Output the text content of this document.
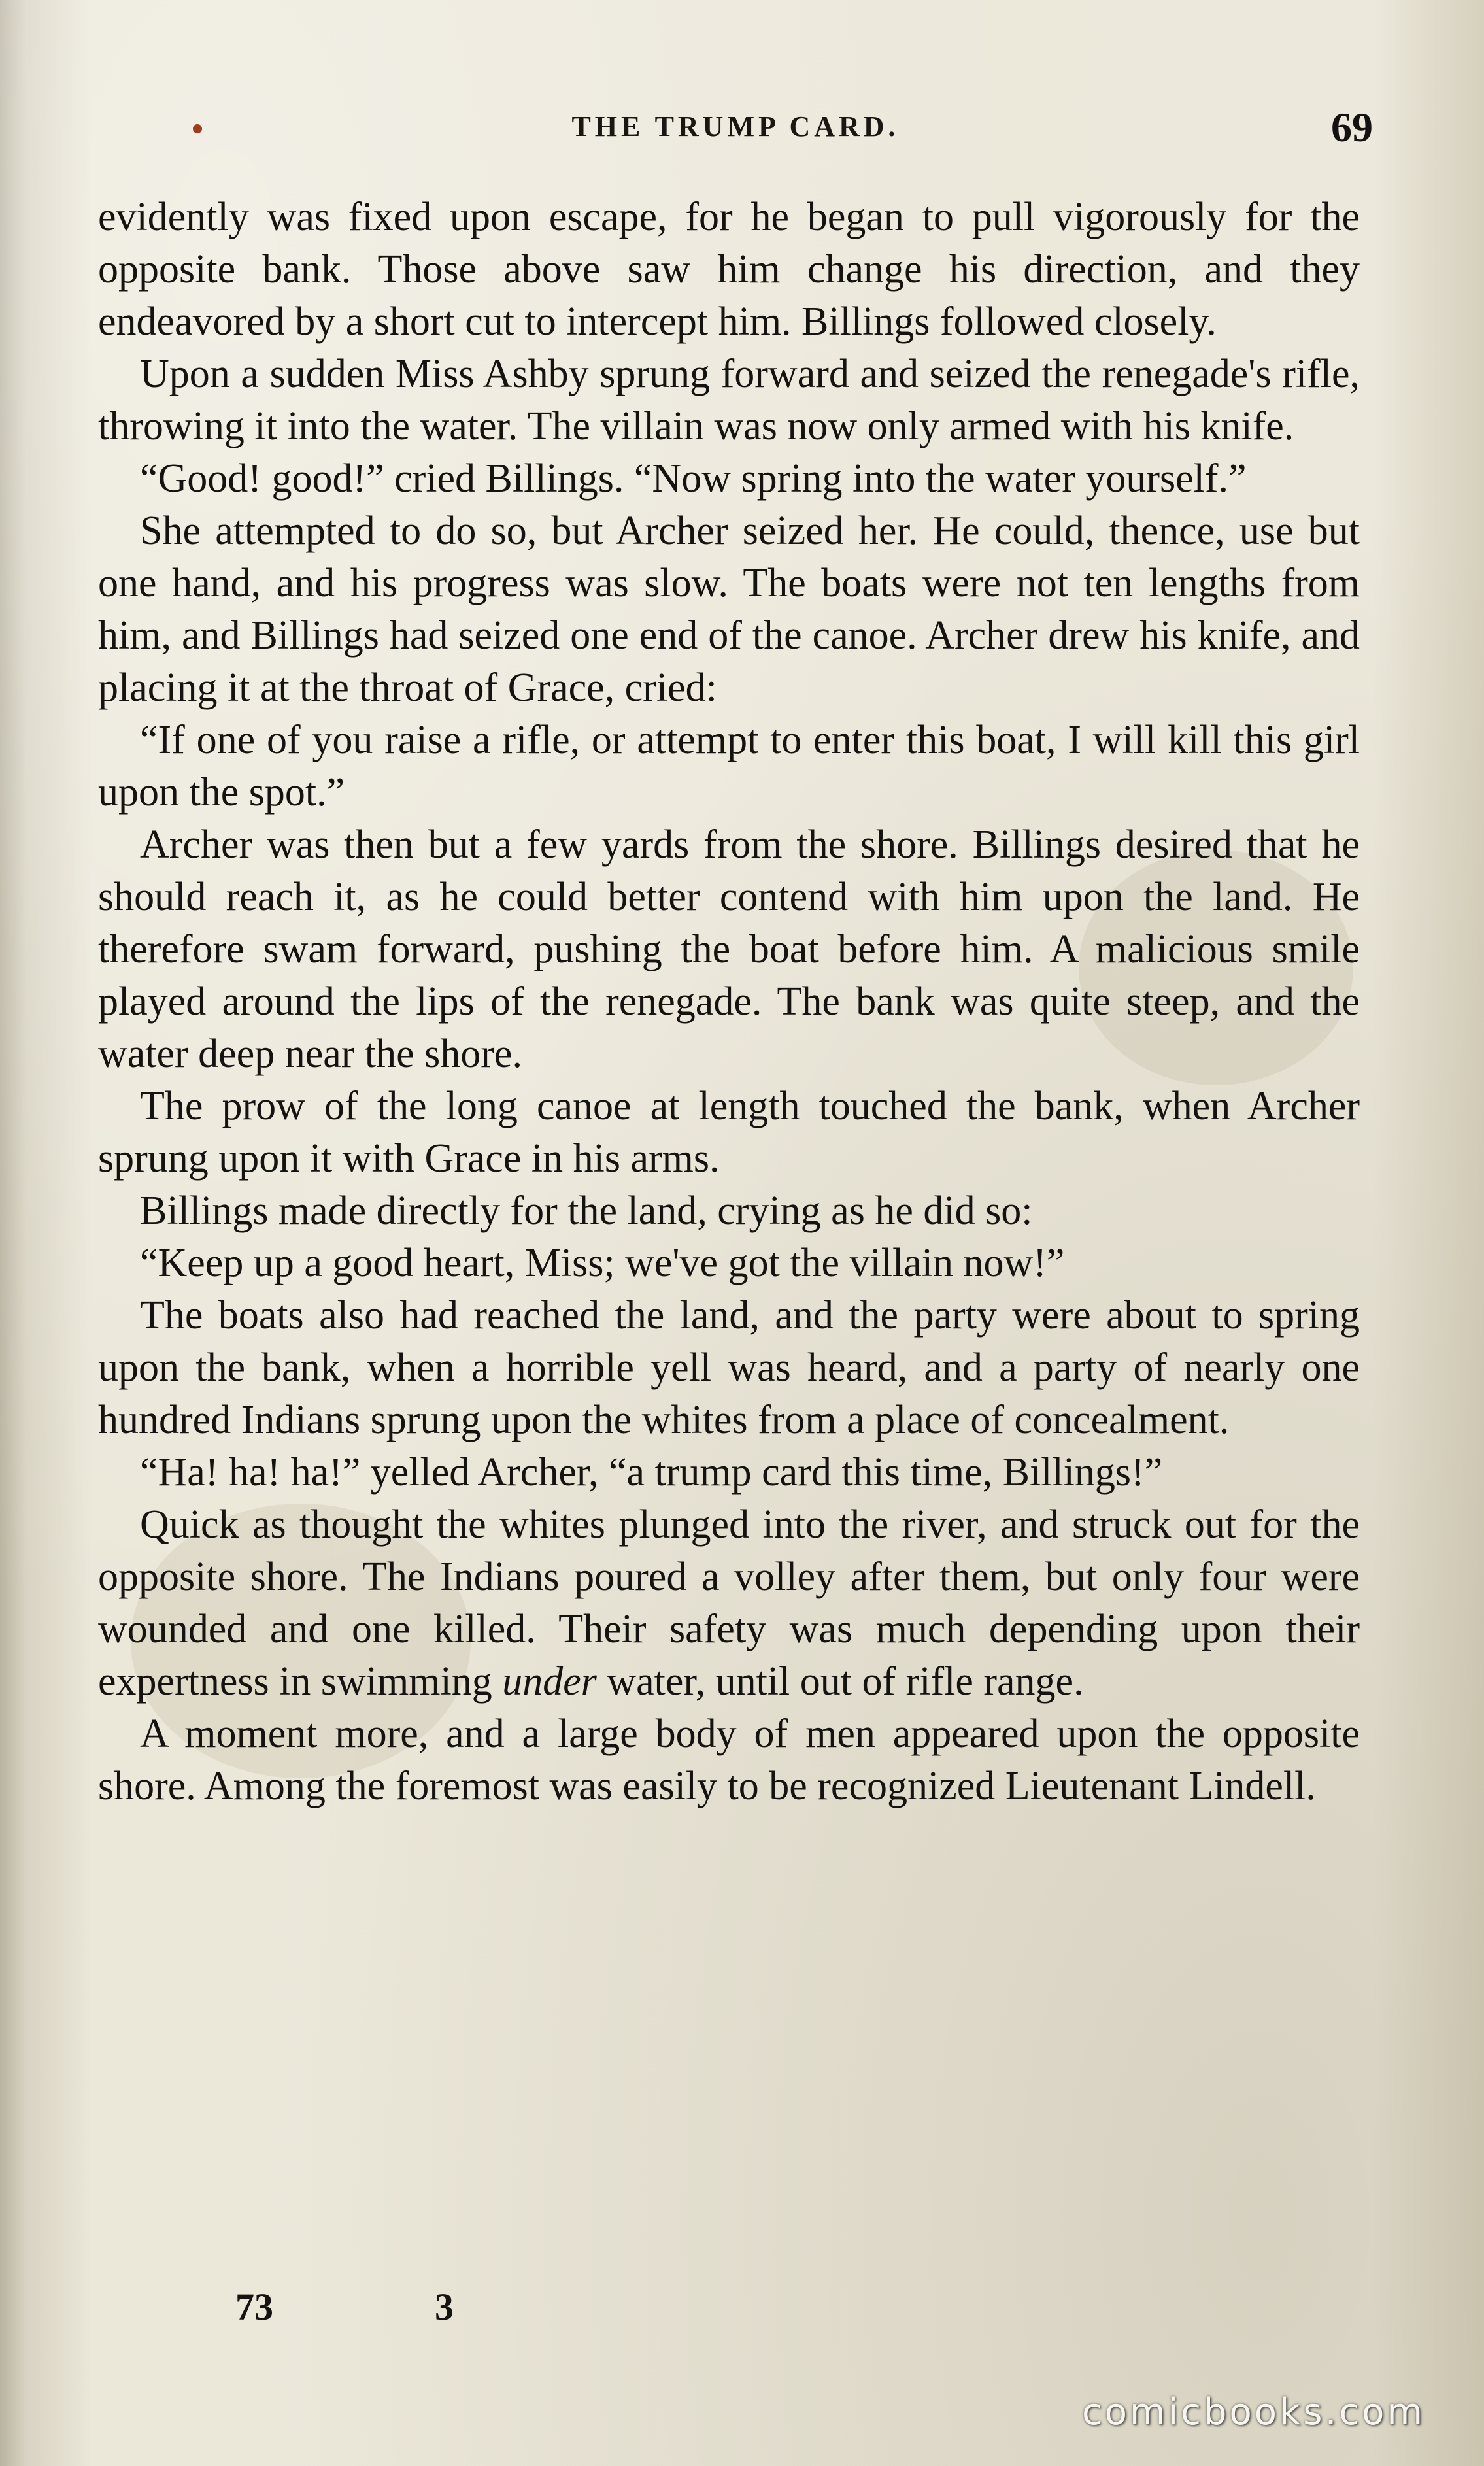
THE TRUMP CARD.	69

evidently was fixed upon escape, for he began to pull vigorously for the opposite bank. Those above saw him change his direction, and they endeavored by a short cut to intercept him. Billings followed closely.

Upon a sudden Miss Ashby sprung forward and seized the renegade's rifle, throwing it into the water. The villain was now only armed with his knife.

“Good! good!” cried Billings. “Now spring into the water yourself.”

She attempted to do so, but Archer seized her. He could, thence, use but one hand, and his progress was slow. The boats were not ten lengths from him, and Billings had seized one end of the canoe. Archer drew his knife, and placing it at the throat of Grace, cried:

“If one of you raise a rifle, or attempt to enter this boat, I will kill this girl upon the spot.”

Archer was then but a few yards from the shore. Billings desired that he should reach it, as he could better contend with him upon the land. He therefore swam forward, pushing the boat before him. A malicious smile played around the lips of the renegade. The bank was quite steep, and the water deep near the shore.

The prow of the long canoe at length touched the bank, when Archer sprung upon it with Grace in his arms.

Billings made directly for the land, crying as he did so:

“Keep up a good heart, Miss; we've got the villain now!”

The boats also had reached the land, and the party were about to spring upon the bank, when a horrible yell was heard, and a party of nearly one hundred Indians sprung upon the whites from a place of concealment.

“Ha! ha! ha!” yelled Archer, “a trump card this time, Billings!”

Quick as thought the whites plunged into the river, and struck out for the opposite shore. The Indians poured a volley after them, but only four were wounded and one killed. Their safety was much depending upon their expertness in swimming under water, until out of rifle range.

A moment more, and a large body of men appeared upon the opposite shore. Among the foremost was easily to be recognized Lieutenant Lindell.

73	3
comicbooks.com
